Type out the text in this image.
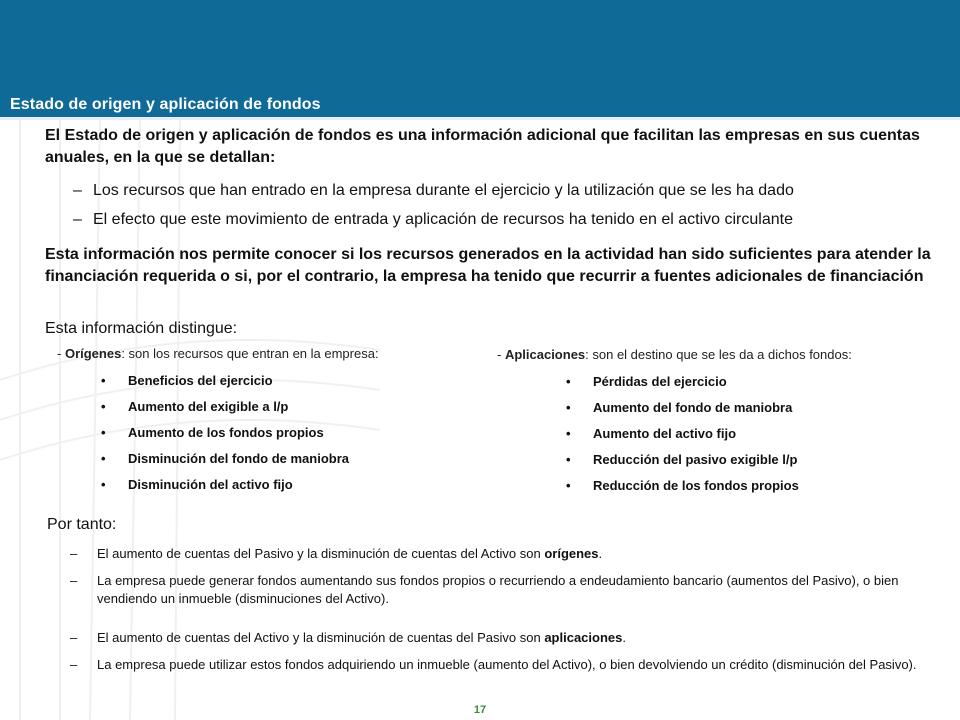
Estado de origen y aplicación de fondos
El Estado de origen y aplicación de fondos es una información adicional que facilitan las empresas en sus cuentas anuales, en la que se detallan:
– Los recursos que han entrado en la empresa durante el ejercicio y la utilización que se les ha dado
– El efecto que este movimiento de entrada y aplicación de recursos ha tenido en el activo circulante
Esta información nos permite conocer si los recursos generados en la actividad han sido suficientes para atender la financiación requerida o si, por el contrario, la empresa ha tenido que recurrir a fuentes adicionales de financiación
Esta información distingue:
- Orígenes: son los recursos que entran en la empresa:
• Beneficios del ejercicio
• Aumento del exigible a l/p
• Aumento de los fondos propios
• Disminución del fondo de maniobra
• Disminución del activo fijo
- Aplicaciones: son el destino que se les da a dichos fondos:
• Pérdidas del ejercicio
• Aumento del fondo de maniobra
• Aumento del activo fijo
• Reducción del pasivo exigible l/p
• Reducción de los fondos propios
Por tanto:
– El aumento de cuentas del Pasivo y la disminución de cuentas del Activo son orígenes.
– La empresa puede generar fondos aumentando sus fondos propios o recurriendo a endeudamiento bancario (aumentos del Pasivo), o bien vendiendo un inmueble (disminuciones del Activo).
– El aumento de cuentas del Activo y la disminución de cuentas del Pasivo son aplicaciones.
– La empresa puede utilizar estos fondos adquiriendo un inmueble (aumento del Activo), o bien devolviendo un crédito (disminución del Pasivo).
17
